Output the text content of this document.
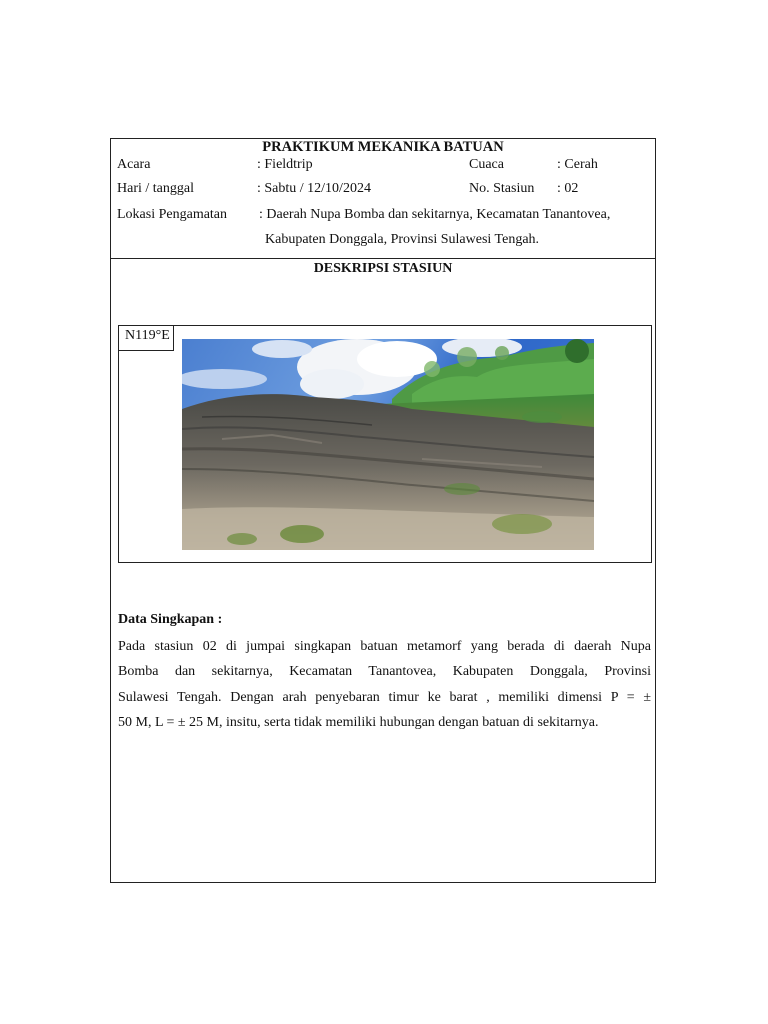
PRAKTIKUM MEKANIKA BATUAN
Acara	: Fieldtrip	Cuaca	: Cerah
Hari / tanggal	: Sabtu / 12/10/2024	No. Stasiun : 02
Lokasi Pengamatan : Daerah Nupa Bomba dan sekitarnya, Kecamatan Tanantovea,
Kabupaten Donggala, Provinsi Sulawesi Tengah.
DESKRIPSI STASIUN
N119°E
Data Singkapan :
Pada stasiun 02 di jumpai singkapan batuan metamorf yang berada di daerah Nupa
Bomba dan sekitarnya, Kecamatan Tanantovea, Kabupaten Donggala, Provinsi
Sulawesi Tengah. Dengan arah penyebaran timur ke barat , memiliki dimensi P = ±
50 M, L = ± 25 M, insitu, serta tidak memiliki hubungan dengan batuan di sekitarnya.
